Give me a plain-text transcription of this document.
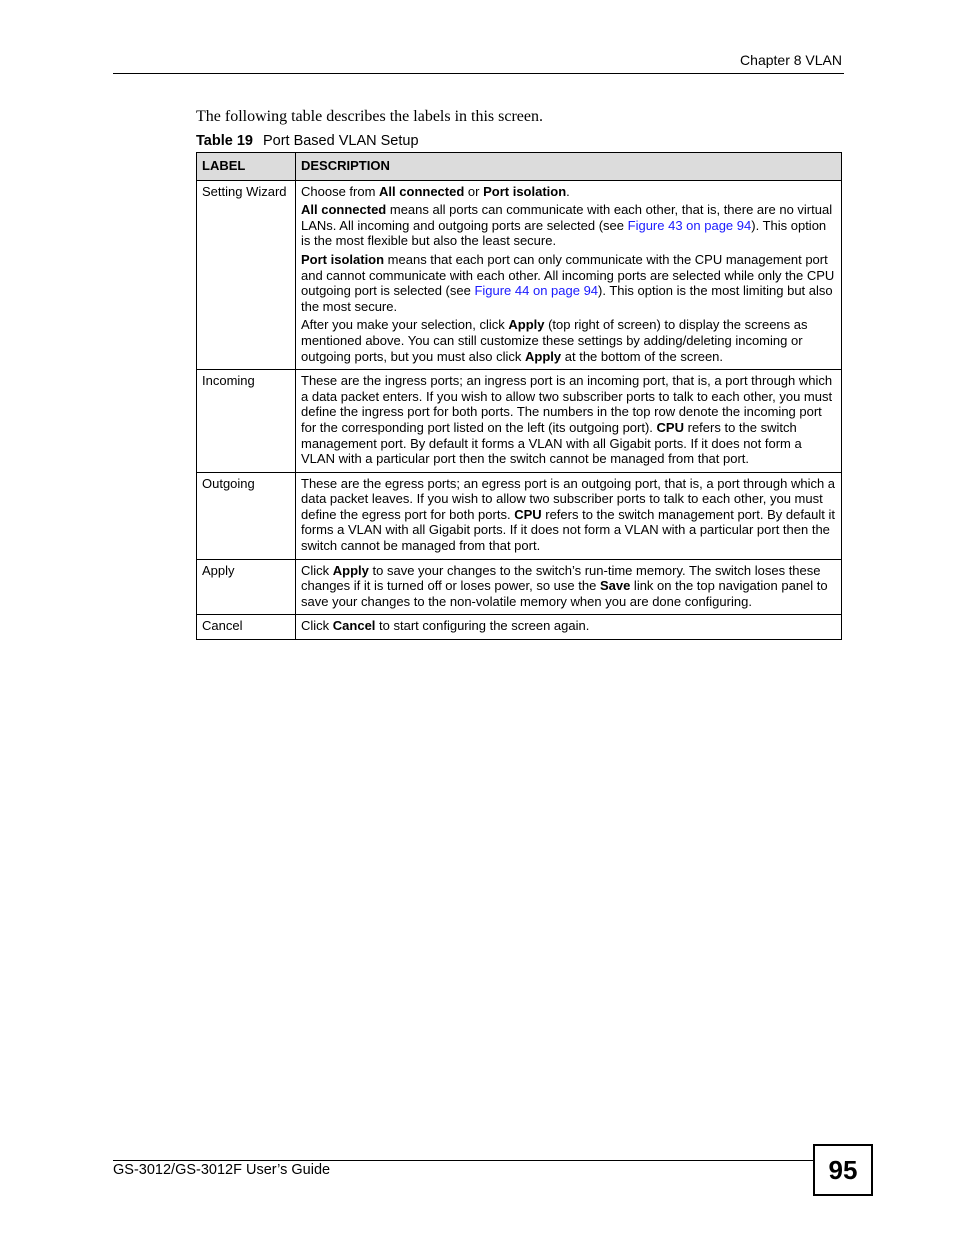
Chapter 8 VLAN
The following table describes the labels in this screen.
Table 19 Port Based VLAN Setup
LABEL	DESCRIPTION
Setting Wizard	Choose from All connected or Port isolation.

All connected means all ports can communicate with each other, that is, there are no virtual LANs. All incoming and outgoing ports are selected (see Figure 43 on page 94). This option is the most flexible but also the least secure.

Port isolation means that each port can only communicate with the CPU management port and cannot communicate with each other. All incoming ports are selected while only the CPU outgoing port is selected (see Figure 44 on page 94). This option is the most limiting but also the most secure.

After you make your selection, click Apply (top right of screen) to display the screens as mentioned above. You can still customize these settings by adding/deleting incoming or outgoing ports, but you must also click Apply at the bottom of the screen.

Incoming	These are the ingress ports; an ingress port is an incoming port, that is, a port through which a data packet enters. If you wish to allow two subscriber ports to talk to each other, you must define the ingress port for both ports. The numbers in the top row denote the incoming port for the corresponding port listed on the left (its outgoing port). CPU refers to the switch management port. By default it forms a VLAN with all Gigabit ports. If it does not form a VLAN with a particular port then the switch cannot be managed from that port.

Outgoing	These are the egress ports; an egress port is an outgoing port, that is, a port through which a data packet leaves. If you wish to allow two subscriber ports to talk to each other, you must define the egress port for both ports. CPU refers to the switch management port. By default it forms a VLAN with all Gigabit ports. If it does not form a VLAN with a particular port then the switch cannot be managed from that port.

Apply	Click Apply to save your changes to the switch’s run-time memory. The switch loses these changes if it is turned off or loses power, so use the Save link on the top navigation panel to save your changes to the non-volatile memory when you are done configuring.

Cancel	Click Cancel to start configuring the screen again.

GS-3012/GS-3012F User’s Guide	95
